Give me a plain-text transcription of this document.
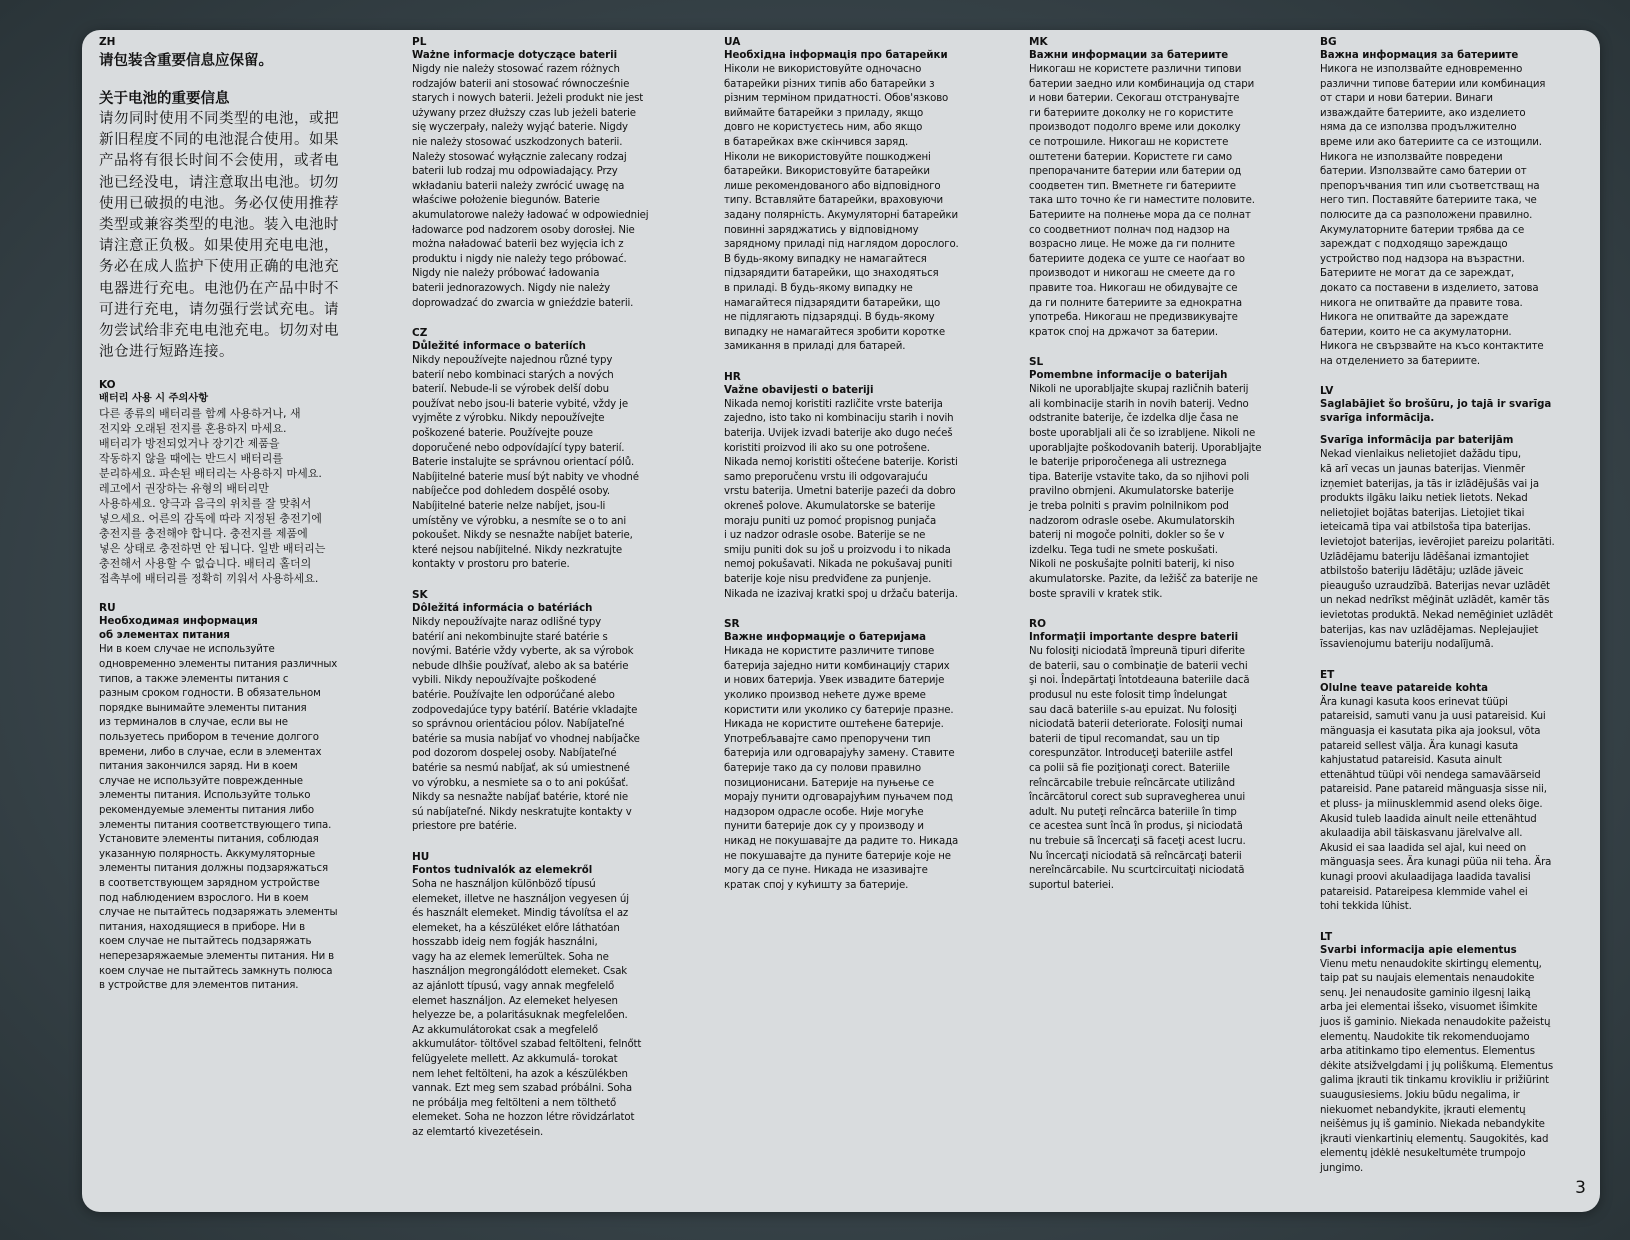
ZH
请包装含重要信息应保留。
关于电池的重要信息
请勿同时使用不同类型的电池，或把
新旧程度不同的电池混合使用。如果
产品将有很长时间不会使用，或者电
池已经没电，请注意取出电池。切勿
使用已破损的电池。务必仅使用推荐
类型或兼容类型的电池。装入电池时
请注意正负极。如果使用充电电池，
务必在成人监护下使用正确的电池充
电器进行充电。电池仍在产品中时不
可进行充电，请勿强行尝试充电。请
勿尝试给非充电电池充电。切勿对电
池仓进行短路连接。
KO
배터리 사용 시 주의사항
다른 종류의 배터리를 함께 사용하거나, 새
전지와 오래된 전지를 혼용하지 마세요.
배터리가 방전되었거나 장기간 제품을
작동하지 않을 때에는 반드시 배터리를
분리하세요. 파손된 배터리는 사용하지 마세요.
레고에서 권장하는 유형의 배터리만
사용하세요. 양극과 음극의 위치를 잘 맞춰서
넣으세요. 어른의 감독에 따라 지정된 충전기에
충전지를 충전해야 합니다. 충전지를 제품에
넣은 상태로 충전하면 안 됩니다. 일반 배터리는
충전해서 사용할 수 없습니다. 배터리 홀더의
접촉부에 배터리를 정확히 끼워서 사용하세요.
RU
Необходимая информация
об элементах питания
Ни в коем случае не используйте
одновременно элементы питания различных
типов, а также элементы питания с
разным сроком годности. В обязательном
порядке вынимайте элементы питания
из терминалов в случае, если вы не
пользуетесь прибором в течение долгого
времени, либо в случае, если в элементах
питания закончился заряд. Ни в коем
случае не используйте поврежденные
элементы питания. Используйте только
рекомендуемые элементы питания либо
элементы питания соответствующего типа.
Установите элементы питания, соблюдая
указанную полярность. Аккумуляторные
элементы питания должны подзаряжаться
в соответствующем зарядном устройстве
под наблюдением взрослого. Ни в коем
случае не пытайтесь подзаряжать элементы
питания, находящиеся в приборе. Ни в
коем случае не пытайтесь подзаряжать
неперезаряжаемые элементы питания. Ни в
коем случае не пытайтесь замкнуть полюса
в устройстве для элементов питания.
PL
Ważne informacje dotyczące baterii
Nigdy nie należy stosować razem różnych
rodzajów baterii ani stosować równocześnie
starych i nowych baterii. Jeżeli produkt nie jest
używany przez dłuższy czas lub jeżeli baterie
się wyczerpały, należy wyjąć baterie. Nigdy
nie należy stosować uszkodzonych baterii.
Należy stosować wyłącznie zalecany rodzaj
baterii lub rodzaj mu odpowiadający. Przy
wkładaniu baterii należy zwrócić uwagę na
właściwe położenie biegunów. Baterie
akumulatorowe należy ładować w odpowiedniej
ładowarce pod nadzorem osoby dorosłej. Nie
można naładować baterii bez wyjęcia ich z
produktu i nigdy nie należy tego próbować.
Nigdy nie należy próbować ładowania
baterii jednorazowych. Nigdy nie należy
doprowadzać do zwarcia w gnieździe baterii.
CZ
Důležité informace o bateriích
Nikdy nepoužívejte najednou různé typy
baterií nebo kombinaci starých a nových
baterií. Nebude-li se výrobek delší dobu
používat nebo jsou-li baterie vybité, vždy je
vyjměte z výrobku. Nikdy nepoužívejte
poškozené baterie. Používejte pouze
doporučené nebo odpovídající typy baterií.
Baterie instalujte se správnou orientací pólů.
Nabíjitelné baterie musí být nabity ve vhodné
nabíječce pod dohledem dospělé osoby.
Nabíjitelné baterie nelze nabíjet, jsou-li
umístěny ve výrobku, a nesmíte se o to ani
pokoušet. Nikdy se nesnažte nabíjet baterie,
které nejsou nabíjitelné. Nikdy nezkratujte
kontakty v prostoru pro baterie.
SK
Dôležitá informácia o batériách
Nikdy nepoužívajte naraz odlišné typy
batérií ani nekombinujte staré batérie s
novými. Batérie vždy vyberte, ak sa výrobok
nebude dlhšie používať, alebo ak sa batérie
vybili. Nikdy nepoužívajte poškodené
batérie. Používajte len odporúčané alebo
zodpovedajúce typy batérií. Batérie vkladajte
so správnou orientáciou pólov. Nabíjateľné
batérie sa musia nabíjať vo vhodnej nabíjačke
pod dozorom dospelej osoby. Nabíjateľné
batérie sa nesmú nabíjať, ak sú umiestnené
vo výrobku, a nesmiete sa o to ani pokúšať.
Nikdy sa nesnažte nabíjať batérie, ktoré nie
sú nabíjateľné. Nikdy neskratujte kontakty v
priestore pre batérie.
HU
Fontos tudnivalók az elemekről
Soha ne használjon különböző típusú
elemeket, illetve ne használjon vegyesen új
és használt elemeket. Mindig távolítsa el az
elemeket, ha a készüléket előre láthatóan
hosszabb ideig nem fogják használni,
vagy ha az elemek lemerültek. Soha ne
használjon megrongálódott elemeket. Csak
az ajánlott típusú, vagy annak megfelelő
elemet használjon. Az elemeket helyesen
helyezze be, a polaritásuknak megfelelően.
Az akkumulátorokat csak a megfelelő
akkumulátor- töltővel szabad feltölteni, felnőtt
felügyelete mellett. Az akkumulá- torokat
nem lehet feltölteni, ha azok a készülékben
vannak. Ezt meg sem szabad próbálni. Soha
ne próbálja meg feltölteni a nem tölthető
elemeket. Soha ne hozzon létre rövidzárlatot
az elemtartó kivezetésein.
UA
Необхідна інформація про батарейки
Ніколи не використовуйте одночасно
батарейки різних типів або батарейки з
різним терміном придатності. Обов'язково
виймайте батарейки з приладу, якщо
довго не користуєтесь ним, або якщо
в батарейках вже скінчився заряд.
Ніколи не використовуйте пошкоджені
батарейки. Використовуйте батарейки
лише рекомендованого або відповідного
типу. Вставляйте батарейки, враховуючи
задану полярність. Акумуляторні батарейки
повинні заряджатись у відповідному
зарядному приладі під наглядом дорослого.
В будь-якому випадку не намагайтеся
підзарядити батарейки, що знаходяться
в приладі. В будь-якому випадку не
намагайтеся підзарядити батарейки, що
не підлягають підзарядці. В будь-якому
випадку не намагайтеся зробити коротке
замикання в приладі для батарей.
HR
Važne obavijesti o bateriji
Nikada nemoj koristiti različite vrste baterija
zajedno, isto tako ni kombinaciju starih i novih
baterija. Uvijek izvadi baterije ako dugo nećeš
koristiti proizvod ili ako su one potrošene.
Nikada nemoj koristiti oštećene baterije. Koristi
samo preporučenu vrstu ili odgovarajuću
vrstu baterija. Umetni baterije pazeći da dobro
okreneš polove. Akumulatorske se baterije
moraju puniti uz pomoć propisnog punjača
i uz nadzor odrasle osobe. Baterije se ne
smiju puniti dok su još u proizvodu i to nikada
nemoj pokušavati. Nikada ne pokušavaj puniti
baterije koje nisu predviđene za punjenje.
Nikada ne izazivaj kratki spoj u držaču baterija.
SR
Важне информације о батеријама
Никада не користите различите типове
батерија заједно нити комбинацију старих
и нових батерија. Увек извадите батерије
уколико производ нећете дуже време
користити или уколико су батерије празне.
Никада не користите оштећене батерије.
Употребљавајте само препоручени тип
батерија или одговарајућу замену. Ставите
батерије тако да су полови правилно
позиционисани. Батерије на пуњење се
морају пунити одговарајућим пуњачем под
надзором одрасле особе. Није могуће
пунити батерије док су у производу и
никад не покушавајте да радите то. Никада
не покушавајте да пуните батерије које не
могу да се пуне. Никада не изазивајте
кратак спој у кућишту за батерије.
MK
Важни информации за батериите
Никогаш не користете различни типови
батерии заедно или комбинација од стари
и нови батерии. Секогаш отстранувајте
ги батериите доколку не го користите
производот подолго време или доколку
се потрошиле. Никогаш не користете
оштетени батерии. Користете ги само
препорачаните батерии или батерии од
соодветен тип. Вметнете ги батериите
така што точно ќе ги наместите половите.
Батериите на полнење мора да се полнат
со соодветниот полнач под надзор на
возрасно лице. Не може да ги полните
батериите додека се уште се наоѓаат во
производот и никогаш не смеете да го
правите тоа. Никогаш не обидувајте се
да ги полните батериите за еднократна
употреба. Никогаш не предизвикувајте
краток спој на држачот за батерии.
SL
Pomembne informacije o baterijah
Nikoli ne uporabljajte skupaj različnih baterij
ali kombinacije starih in novih baterij. Vedno
odstranite baterije, če izdelka dlje časa ne
boste uporabljali ali če so izrabljene. Nikoli ne
uporabljajte poškodovanih baterij. Uporabljajte
le baterije priporočenega ali ustreznega
tipa. Baterije vstavite tako, da so njihovi poli
pravilno obrnjeni. Akumulatorske baterije
je treba polniti s pravim polnilnikom pod
nadzorom odrasle osebe. Akumulatorskih
baterij ni mogoče polniti, dokler so še v
izdelku. Tega tudi ne smete poskušati.
Nikoli ne poskušajte polniti baterij, ki niso
akumulatorske. Pazite, da ležišč za baterije ne
boste spravili v kratek stik.
RO
Informaţii importante despre baterii
Nu folosiţi niciodată împreună tipuri diferite
de baterii, sau o combinaţie de baterii vechi
şi noi. Îndepărtaţi întotdeauna bateriile dacă
produsul nu este folosit timp îndelungat
sau dacă bateriile s-au epuizat. Nu folosiţi
niciodată baterii deteriorate. Folosiţi numai
baterii de tipul recomandat, sau un tip
corespunzător. Introduceţi bateriile astfel
ca polii să fie poziţionaţi corect. Bateriile
reîncărcabile trebuie reîncărcate utilizând
încărcătorul corect sub supravegherea unui
adult. Nu puteţi reîncărca bateriile în timp
ce acestea sunt încă în produs, şi niciodată
nu trebuie să încercaţi să faceţi acest lucru.
Nu încercaţi niciodată să reîncărcaţi baterii
nereîncărcabile. Nu scurtcircuitaţi niciodată
suportul bateriei.
BG
Важна информация за батериите
Никога не използвайте едновременно
различни типове батерии или комбинация
от стари и нови батерии. Винаги
изваждайте батериите, ако изделието
няма да се използва продължително
време или ако батериите са се изтощили.
Никога не използвайте повредени
батерии. Използвайте само батерии от
препоръчвания тип или съответстващ на
него тип. Поставяйте батериите така, че
полюсите да са разположени правилно.
Акумулаторните батерии трябва да се
зареждат с подходящо зареждащо
устройство под надзора на възрастни.
Батериите не могат да се зареждат,
докато са поставени в изделието, затова
никога не опитвайте да правите това.
Никога не опитвайте да зареждате
батерии, които не са акумулаторни.
Никога не свързвайте на късо контактите
на отделението за батериите.
LV
Saglabājiet šo brošūru, jo tajā ir svarīga
svarīga informācija.
Svarīga informācija par baterijām
Nekad vienlaikus nelietojiet dažādu tipu,
kā arī vecas un jaunas baterijas. Vienmēr
izņemiet baterijas, ja tās ir izlādējušās vai ja
produkts ilgāku laiku netiek lietots. Nekad
nelietojiet bojātas baterijas. Lietojiet tikai
ieteicamā tipa vai atbilstoša tipa baterijas.
Ievietojot baterijas, ievērojiet pareizu polaritāti.
Uzlādējamu bateriju lādēšanai izmantojiet
atbilstošo bateriju lādētāju; uzlāde jāveic
pieaugušo uzraudzībā. Baterijas nevar uzlādēt
un nekad nedrīkst mēģināt uzlādēt, kamēr tās
ievietotas produktā. Nekad nemēģiniet uzlādēt
baterijas, kas nav uzlādējamas. Neplejaujiet
īssavienojumu bateriju nodalījumā.
ET
Olulne teave patareide kohta
Ära kunagi kasuta koos erinevat tüüpi
patareisid, samuti vanu ja uusi patareisid. Kui
mänguasja ei kasutata pika aja jooksul, võta
patareid sellest välja. Ära kunagi kasuta
kahjustatud patareisid. Kasuta ainult
ettenähtud tüüpi või nendega samaväärseid
patareisid. Pane patareid mänguasja sisse nii,
et pluss- ja miinusklemmid asend oleks õige.
Akusid tuleb laadida ainult neile ettenähtud
akulaadija abil täiskasvanu järelvalve all.
Akusid ei saa laadida sel ajal, kui need on
mänguasja sees. Ära kunagi püüa nii teha. Ära
kunagi proovi akulaadijaga laadida tavalisi
patareisid. Patareipesa klemmide vahel ei
tohi tekkida lühist.
LT
Svarbi informacija apie elementus
Vienu metu nenaudokite skirtingų elementų,
taip pat su naujais elementais nenaudokite
senų. Jei nenaudosite gaminio ilgesnį laiką
arba jei elementai išseko, visuomet išimkite
juos iš gaminio. Niekada nenaudokite pažeistų
elementų. Naudokite tik rekomenduojamo
arba atitinkamo tipo elementus. Elementus
dėkite atsižvelgdami į jų poliškumą. Elementus
galima įkrauti tik tinkamu krovikliu ir prižiūrint
suaugusiesiems. Jokiu būdu negalima, ir
niekuomet nebandykite, įkrauti elementų
neišėmus jų iš gaminio. Niekada nebandykite
įkrauti vienkartinių elementų. Saugokitės, kad
elementų įdėklė nesukeltumėte trumpojo
jungimo.
3
